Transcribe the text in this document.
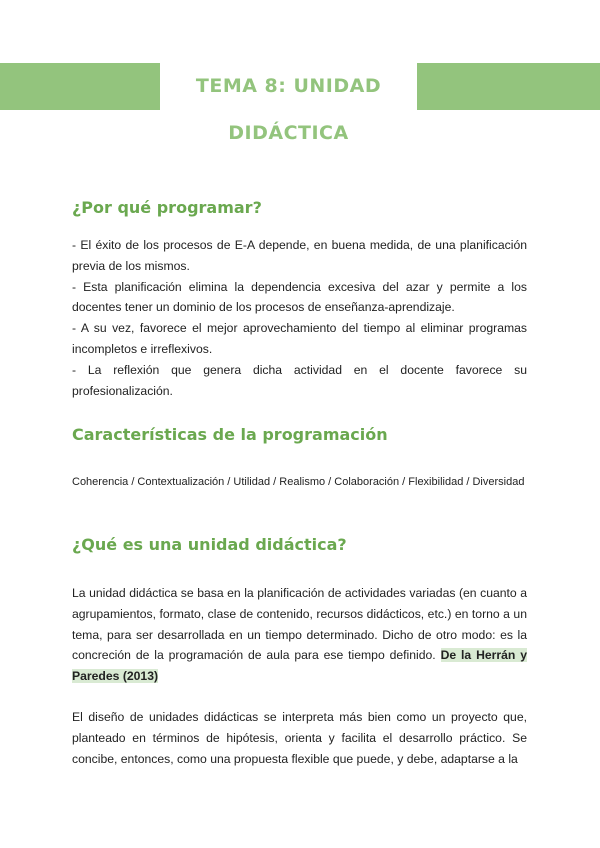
TEMA 8: UNIDAD DIDÁCTICA
¿Por qué programar?
- El éxito de los procesos de E-A depende, en buena medida, de una planificación previa de los mismos.
- Esta planificación elimina la dependencia excesiva del azar y permite a los docentes tener un dominio de los procesos de enseñanza-aprendizaje.
- A su vez, favorece el mejor aprovechamiento del tiempo al eliminar programas incompletos e irreflexivos.
- La reflexión que genera dicha actividad en el docente favorece su profesionalización.
Características de la programación
Coherencia / Contextualización / Utilidad / Realismo / Colaboración / Flexibilidad / Diversidad
¿Qué es una unidad didáctica?

La unidad didáctica se basa en la planificación de actividades variadas (en cuanto a agrupamientos, formato, clase de contenido, recursos didácticos, etc.) en torno a un tema, para ser desarrollada en un tiempo determinado. Dicho de otro modo: es la concreción de la programación de aula para ese tiempo definido. De la Herrán y Paredes (2013)

El diseño de unidades didácticas se interpreta más bien como un proyecto que, planteado en términos de hipótesis, orienta y facilita el desarrollo práctico. Se concibe, entonces, como una propuesta flexible que puede, y debe, adaptarse a la
